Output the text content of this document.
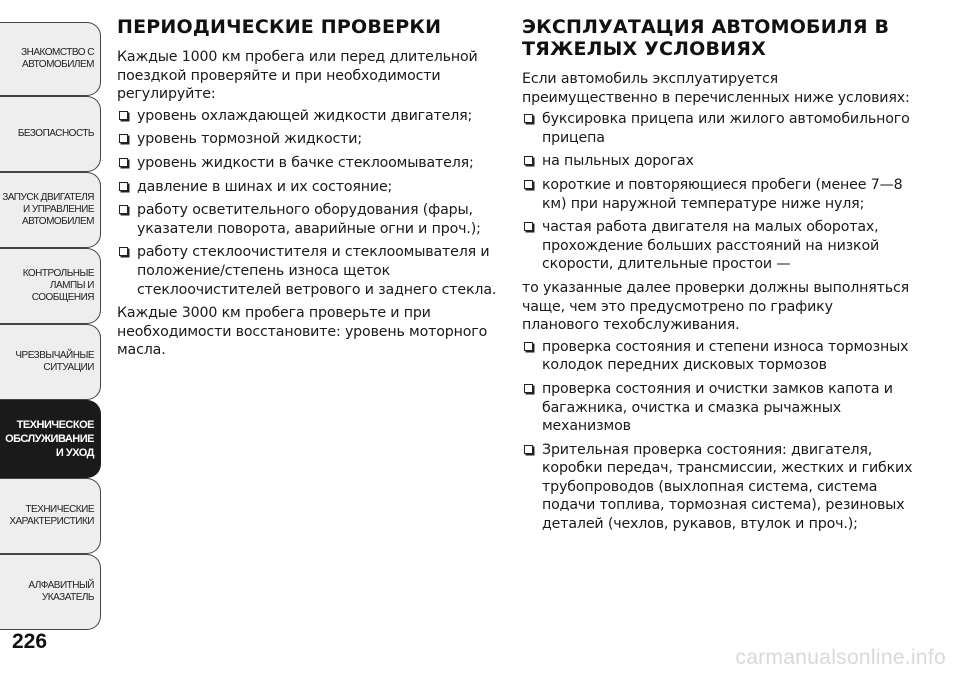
ЗНАКОМСТВО С
АВТОМОБИЛЕМ
БЕЗОПАСНОСТЬ
ЗАПУСК ДВИГАТЕЛЯ
И УПРАВЛЕНИЕ
АВТОМОБИЛЕМ
КОНТРОЛЬНЫЕ
ЛАМПЫ И
СООБЩЕНИЯ
ЧРЕЗВЫЧАЙНЫЕ
СИТУАЦИИ
ТЕХНИЧЕСКОЕ
ОБСЛУЖИВАНИЕ
И УХОД
ТЕХНИЧЕСКИЕ
ХАРАКТЕРИСТИКИ
АЛФАВИТНЫЙ
УКАЗАТЕЛЬ
226
ПЕРИОДИЧЕСКИЕ ПРОВЕРКИ

Каждые 1000 км пробега или перед длительной поездкой проверяйте и при необходимости регулируйте:

уровень охлаждающей жидкости двигателя;
уровень тормозной жидкости;
уровень жидкости в бачке стеклоомывателя;
давление в шинах и их состояние;
работу осветительного оборудования (фары, указатели поворота, аварийные огни и проч.);
работу стеклоочистителя и стеклоомывателя и положение/степень износа щеток стеклоочистителей ветрового и заднего стекла.

Каждые 3000 км пробега проверьте и при необходимости восстановите: уровень моторного масла.

ЭКСПЛУАТАЦИЯ АВТОМОБИЛЯ В
ТЯЖЕЛЫХ УСЛОВИЯХ

Если автомобиль эксплуатируется преимущественно в перечисленных ниже условиях:

буксировка прицепа или жилого автомобильного прицепа
на пыльных дорогах
короткие и повторяющиеся пробеги (менее 7—8 км) при наружной температуре ниже нуля;
частая работа двигателя на малых оборотах, прохождение больших расстояний на низкой скорости, длительные простои —

то указанные далее проверки должны выполняться чаще, чем это предусмотрено по графику планового техобслуживания.

проверка состояния и степени износа тормозных колодок передних дисковых тормозов
проверка состояния и очистки замков капота и багажника, очистка и смазка рычажных механизмов
Зрительная проверка состояния: двигателя, коробки передач, трансмиссии, жестких и гибких трубопроводов (выхлопная система, система подачи топлива, тормозная система), резиновых деталей (чехлов, рукавов, втулок и проч.);
carmanualsonline.info
